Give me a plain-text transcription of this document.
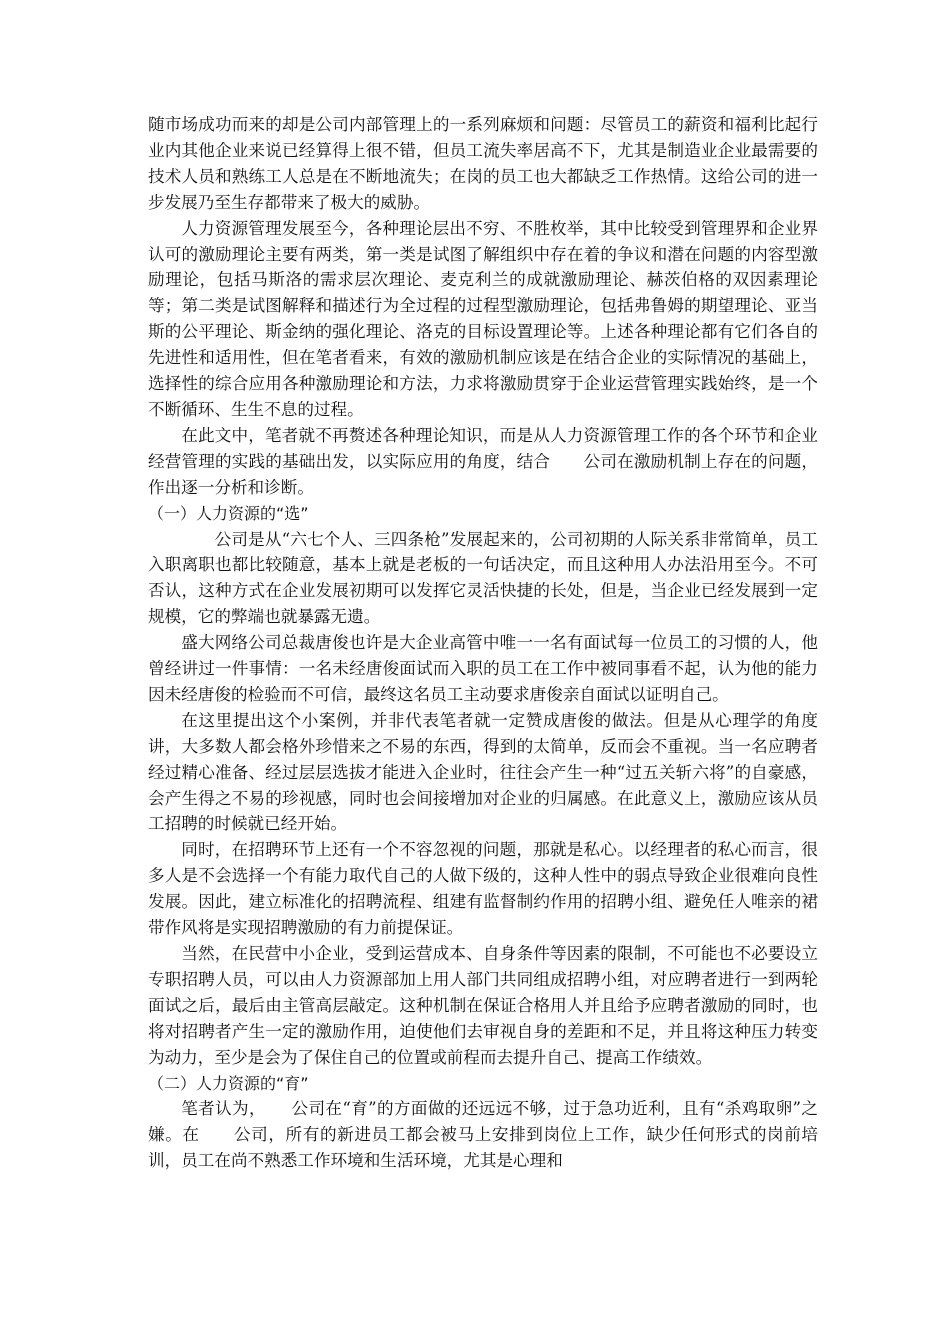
随市场成功而来的却是公司内部管理上的一系列麻烦和问题：尽管员工的薪资和福利比起行业内其他企业来说已经算得上很不错，但员工流失率居高不下，尤其是制造业企业最需要的技术人员和熟练工人总是在不断地流失；在岗的员工也大都缺乏工作热情。这给公司的进一步发展乃至生存都带来了极大的威胁。

人力资源管理发展至今，各种理论层出不穷、不胜枚举，其中比较受到管理界和企业界认可的激励理论主要有两类，第一类是试图了解组织中存在着的争议和潜在问题的内容型激励理论，包括马斯洛的需求层次理论、麦克利兰的成就激励理论、赫茨伯格的双因素理论等；第二类是试图解释和描述行为全过程的过程型激励理论，包括弗鲁姆的期望理论、亚当斯的公平理论、斯金纳的强化理论、洛克的目标设置理论等。上述各种理论都有它们各自的先进性和适用性，但在笔者看来，有效的激励机制应该是在结合企业的实际情况的基础上，选择性的综合应用各种激励理论和方法，力求将激励贯穿于企业运营管理实践始终，是一个不断循环、生生不息的过程。

在此文中，笔者就不再赘述各种理论知识，而是从人力资源管理工作的各个环节和企业经营管理的实践的基础出发，以实际应用的角度，结合　　公司在激励机制上存在的问题，作出逐一分析和诊断。

（一）人力资源的“选”

　　公司是从“六七个人、三四条枪”发展起来的，公司初期的人际关系非常简单，员工入职离职也都比较随意，基本上就是老板的一句话决定，而且这种用人办法沿用至今。不可否认，这种方式在企业发展初期可以发挥它灵活快捷的长处，但是，当企业已经发展到一定规模，它的弊端也就暴露无遗。

盛大网络公司总裁唐俊也许是大企业高管中唯一一名有面试每一位员工的习惯的人，他曾经讲过一件事情：一名未经唐俊面试而入职的员工在工作中被同事看不起，认为他的能力因未经唐俊的检验而不可信，最终这名员工主动要求唐俊亲自面试以证明自己。

在这里提出这个小案例，并非代表笔者就一定赞成唐俊的做法。但是从心理学的角度讲，大多数人都会格外珍惜来之不易的东西，得到的太简单，反而会不重视。当一名应聘者经过精心准备、经过层层选拔才能进入企业时，往往会产生一种“过五关斩六将”的自豪感，会产生得之不易的珍视感，同时也会间接增加对企业的归属感。在此意义上，激励应该从员工招聘的时候就已经开始。

同时，在招聘环节上还有一个不容忽视的问题，那就是私心。以经理者的私心而言，很多人是不会选择一个有能力取代自己的人做下级的，这种人性中的弱点导致企业很难向良性发展。因此，建立标准化的招聘流程、组建有监督制约作用的招聘小组、避免任人唯亲的裙带作风将是实现招聘激励的有力前提保证。

当然，在民营中小企业，受到运营成本、自身条件等因素的限制，不可能也不必要设立专职招聘人员，可以由人力资源部加上用人部门共同组成招聘小组，对应聘者进行一到两轮面试之后，最后由主管高层敲定。这种机制在保证合格用人并且给予应聘者激励的同时，也将对招聘者产生一定的激励作用，迫使他们去审视自身的差距和不足，并且将这种压力转变为动力，至少是会为了保住自己的位置或前程而去提升自己、提高工作绩效。

（二）人力资源的“育”

笔者认为，　　公司在“育”的方面做的还远远不够，过于急功近利，且有“杀鸡取卵”之嫌。在　　公司，所有的新进员工都会被马上安排到岗位上工作，缺少任何形式的岗前培训，员工在尚不熟悉工作环境和生活环境，尤其是心理和
